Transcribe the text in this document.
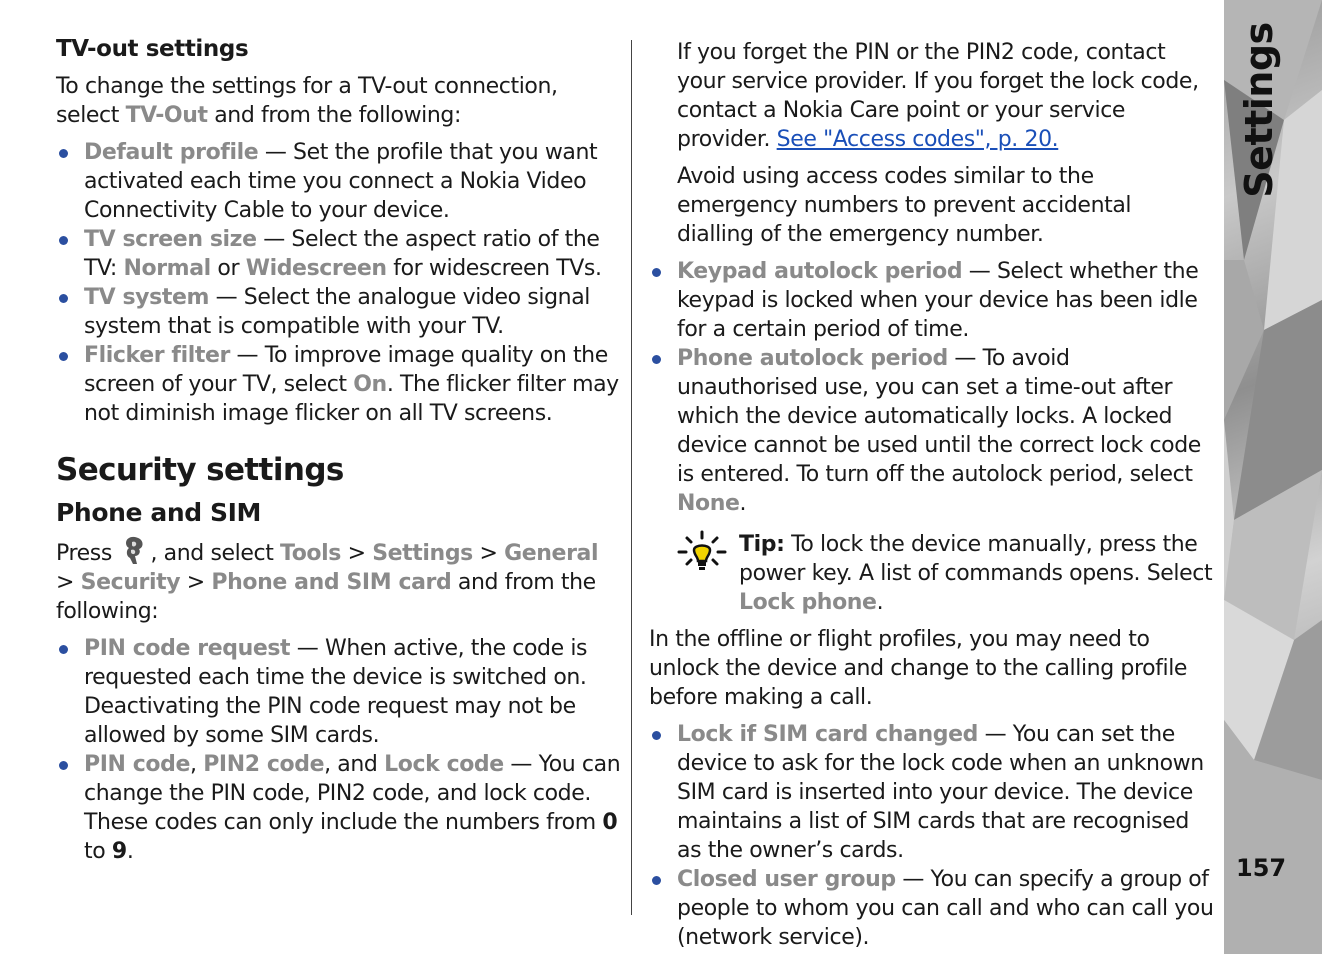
TV-out settings

To change the settings for a TV-out connection, select TV-Out and from the following:

Default profile — Set the profile that you want activated each time you connect a Nokia Video Connectivity Cable to your device.
TV screen size — Select the aspect ratio of the TV: Normal or Widescreen for widescreen TVs.
TV system — Select the analogue video signal system that is compatible with your TV.
Flicker filter — To improve image quality on the screen of your TV, select On. The flicker filter may not diminish image flicker on all TV screens.
Security settings
Phone and SIM

Press , and select Tools > Settings > General > Security > Phone and SIM card and from the following:

PIN code request — When active, the code is requested each time the device is switched on. Deactivating the PIN code request may not be allowed by some SIM cards.
PIN code, PIN2 code, and Lock code — You can change the PIN code, PIN2 code, and lock code. These codes can only include the numbers from 0 to 9.

If you forget the PIN or the PIN2 code, contact your service provider. If you forget the lock code, contact a Nokia Care point or your service provider. See "Access codes", p. 20.

Avoid using access codes similar to the emergency numbers to prevent accidental dialling of the emergency number.

Keypad autolock period — Select whether the keypad is locked when your device has been idle for a certain period of time.
Phone autolock period — To avoid unauthorised use, you can set a time-out after which the device automatically locks. A locked device cannot be used until the correct lock code is entered. To turn off the autolock period, select None.
Tip: To lock the device manually, press the power key. A list of commands opens. Select Lock phone.

In the offline or flight profiles, you may need to unlock the device and change to the calling profile before making a call.

Lock if SIM card changed — You can set the device to ask for the lock code when an unknown SIM card is inserted into your device. The device maintains a list of SIM cards that are recognised as the owner’s cards.
Closed user group — You can specify a group of people to whom you can call and who can call you (network service).
Settings
157
